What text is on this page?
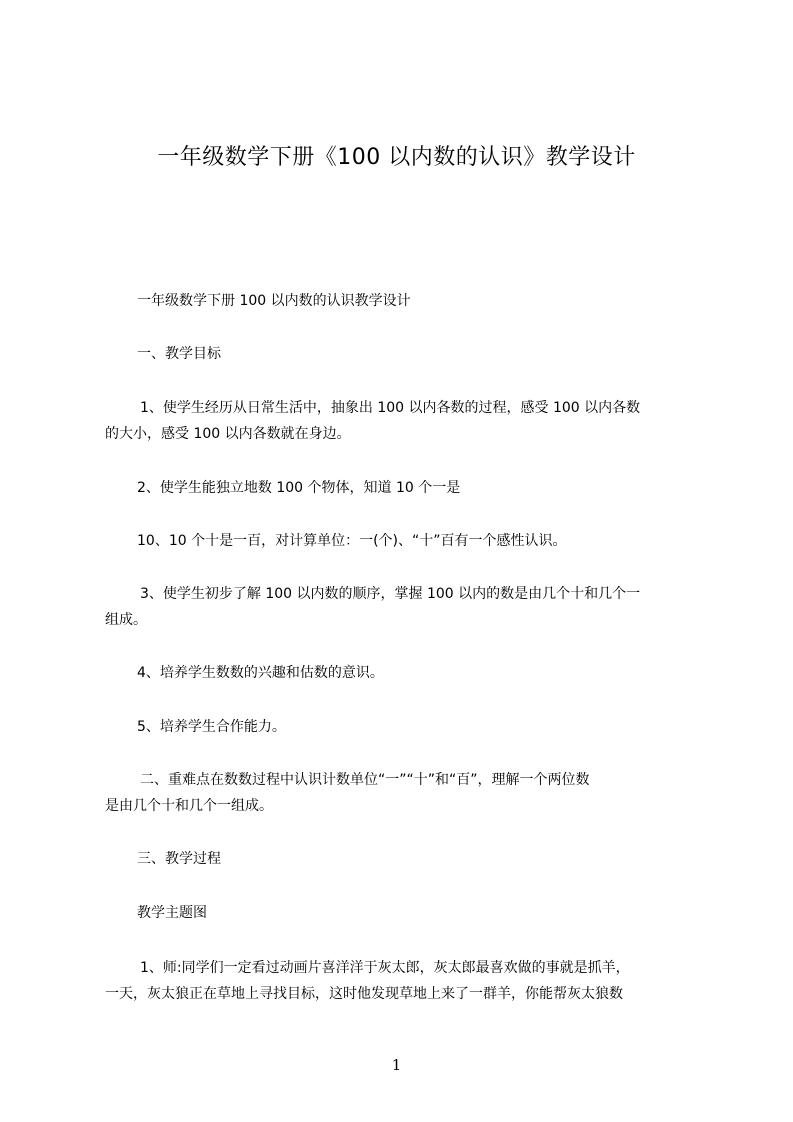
一年级数学下册《100 以内数的认识》教学设计
一年级数学下册 100 以内数的认识教学设计
一、教学目标
1、使学生经历从日常生活中，抽象出 100 以内各数的过程，感受 100 以内各数
的大小，感受 100 以内各数就在身边。
2、使学生能独立地数 100 个物体，知道 10 个一是
10、10 个十是一百，对计算单位：一(个)、“十”百有一个感性认识。
3、使学生初步了解 100 以内数的顺序，掌握 100 以内的数是由几个十和几个一
组成。
4、培养学生数数的兴趣和估数的意识。
5、培养学生合作能力。
二、重难点在数数过程中认识计数单位“一”“十”和“百”，理解一个两位数
是由几个十和几个一组成。
三、教学过程
教学主题图
1、师:同学们一定看过动画片喜洋洋于灰太郎，灰太郎最喜欢做的事就是抓羊，
一天，灰太狼正在草地上寻找目标，这时他发现草地上来了一群羊，你能帮灰太狼数
1
